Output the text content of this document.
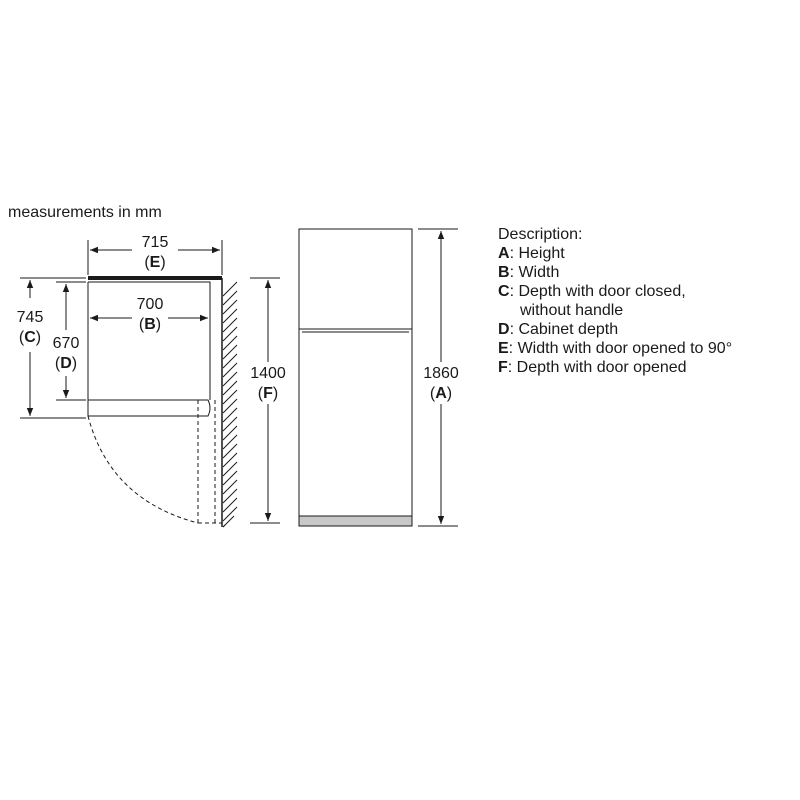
measurements in mm
715
(E)
700
(B)
745
(C) 670
(D)
1400
(F)
1860
(A)
Description:
A : Height
B : Width
C : Depth with door closed,
without handle
D : Cabinet depth
E : Width with door opened to 90°
F : Depth with door opened
